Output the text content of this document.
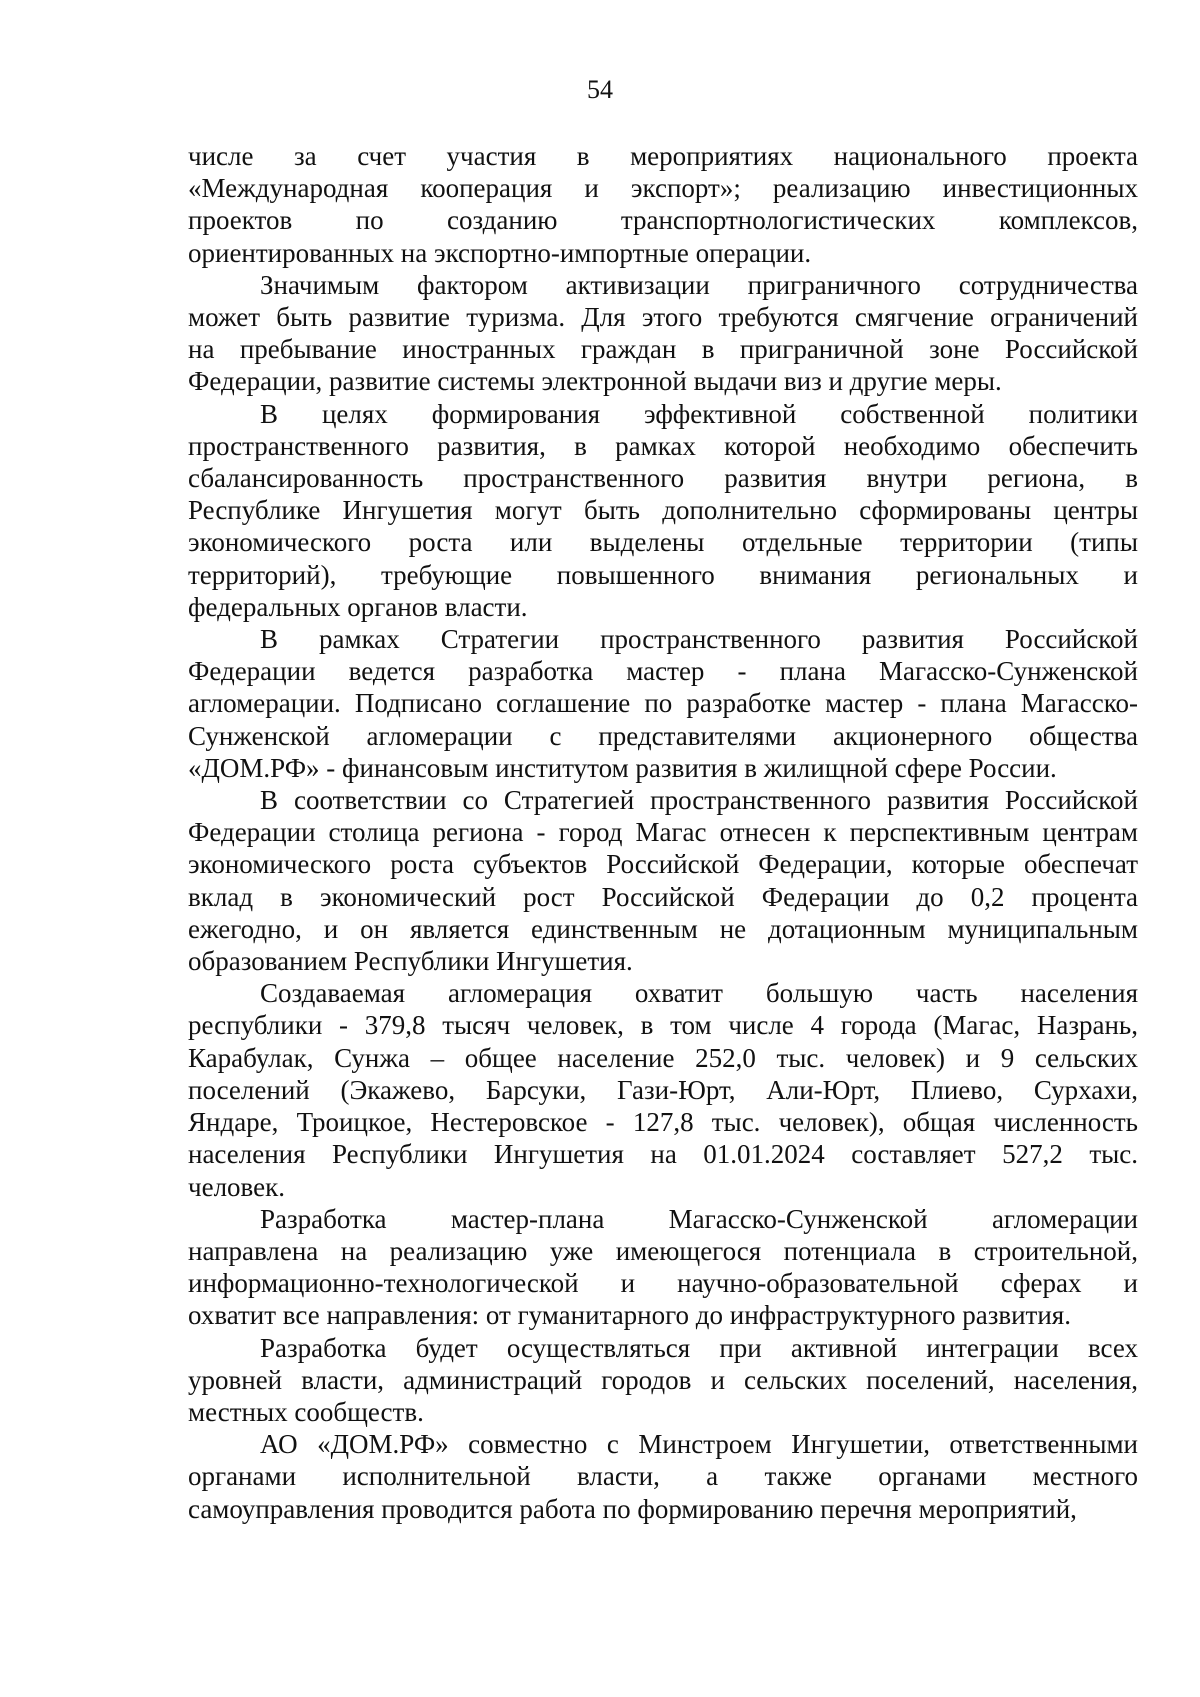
54
числе за счет участия в мероприятиях национального проекта
«Международная кооперация и экспорт»; реализацию инвестиционных
проектов по созданию транспортнологистических комплексов,
ориентированных на экспортно-импортные операции.
Значимым фактором активизации приграничного сотрудничества
может быть развитие туризма. Для этого требуются смягчение ограничений
на пребывание иностранных граждан в приграничной зоне Российской
Федерации, развитие системы электронной выдачи виз и другие меры.
В целях формирования эффективной собственной политики
пространственного развития, в рамках которой необходимо обеспечить
сбалансированность пространственного развития внутри региона, в
Республике Ингушетия могут быть дополнительно сформированы центры
экономического роста или выделены отдельные территории (типы
территорий), требующие повышенного внимания региональных и
федеральных органов власти.
В рамках Стратегии пространственного развития Российской
Федерации ведется разработка мастер - плана Магасско-Сунженской
агломерации. Подписано соглашение по разработке мастер - плана Магасско-
Сунженской агломерации с представителями акционерного общества
«ДОМ.РФ» - финансовым институтом развития в жилищной сфере России.
В соответствии со Стратегией пространственного развития Российской
Федерации столица региона - город Магас отнесен к перспективным центрам
экономического роста субъектов Российской Федерации, которые обеспечат
вклад в экономический рост Российской Федерации до 0,2 процента
ежегодно, и он является единственным не дотационным муниципальным
образованием Республики Ингушетия.
Создаваемая агломерация охватит большую часть населения
республики - 379,8 тысяч человек, в том числе 4 города (Магас, Назрань,
Карабулак, Сунжа – общее население 252,0 тыс. человек) и 9 сельских
поселений (Экажево, Барсуки, Гази-Юрт, Али-Юрт, Плиево, Сурхахи,
Яндаре, Троицкое, Нестеровское - 127,8 тыс. человек), общая численность
населения Республики Ингушетия на 01.01.2024 составляет 527,2 тыс.
человек.
Разработка мастер-плана Магасско-Сунженской агломерации
направлена на реализацию уже имеющегося потенциала в строительной,
информационно-технологической и научно-образовательной сферах и
охватит все направления: от гуманитарного до инфраструктурного развития.
Разработка будет осуществляться при активной интеграции всех
уровней власти, администраций городов и сельских поселений, населения,
местных сообществ.
АО «ДОМ.РФ» совместно с Минстроем Ингушетии, ответственными
органами исполнительной власти, а также органами местного
самоуправления проводится работа по формированию перечня мероприятий,
